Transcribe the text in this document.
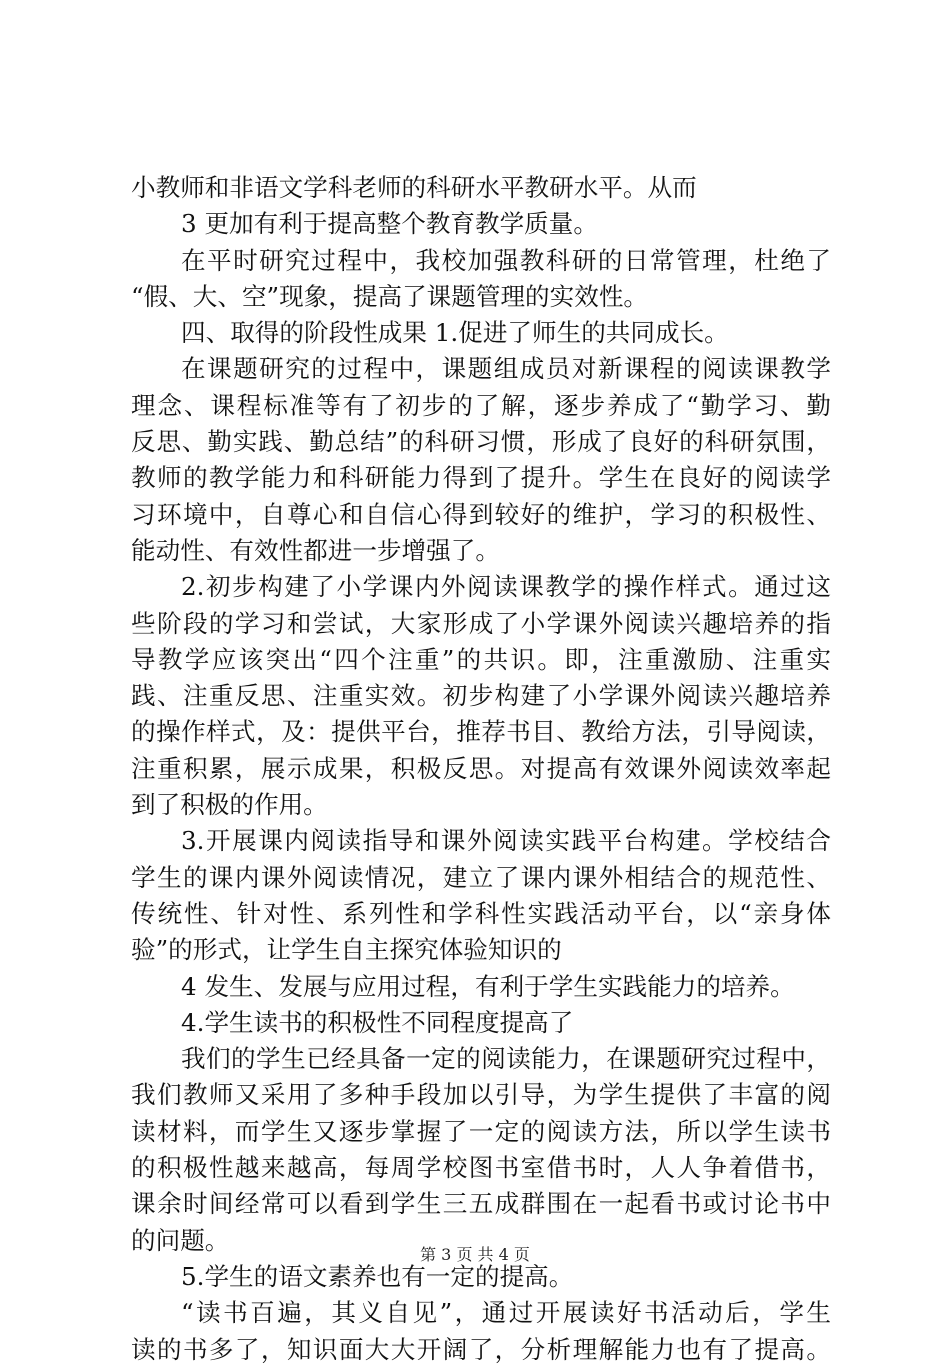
小教师和非语文学科老师的科研水平教研水平。从而
3 更加有利于提高整个教育教学质量。
在平时研究过程中，我校加强教科研的日常管理，杜绝了
“假、大、空”现象，提高了课题管理的实效性。
四、取得的阶段性成果 1.促进了师生的共同成长。
在课题研究的过程中，课题组成员对新课程的阅读课教学
理念、课程标准等有了初步的了解，逐步养成了“勤学习、勤
反思、勤实践、勤总结”的科研习惯，形成了良好的科研氛围，
教师的教学能力和科研能力得到了提升。学生在良好的阅读学
习环境中，自尊心和自信心得到较好的维护，学习的积极性、
能动性、有效性都进一步增强了。
2.初步构建了小学课内外阅读课教学的操作样式。通过这
些阶段的学习和尝试，大家形成了小学课外阅读兴趣培养的指
导教学应该突出“四个注重”的共识。即，注重激励、注重实
践、注重反思、注重实效。初步构建了小学课外阅读兴趣培养
的操作样式，及：提供平台，推荐书目、教给方法，引导阅读，
注重积累，展示成果，积极反思。对提高有效课外阅读效率起
到了积极的作用。
3.开展课内阅读指导和课外阅读实践平台构建。学校结合
学生的课内课外阅读情况，建立了课内课外相结合的规范性、
传统性、针对性、系列性和学科性实践活动平台，以“亲身体
验”的形式，让学生自主探究体验知识的
4 发生、发展与应用过程，有利于学生实践能力的培养。
4.学生读书的积极性不同程度提高了
我们的学生已经具备一定的阅读能力，在课题研究过程中，
我们教师又采用了多种手段加以引导，为学生提供了丰富的阅
读材料，而学生又逐步掌握了一定的阅读方法，所以学生读书
的积极性越来越高，每周学校图书室借书时，人人争着借书，
课余时间经常可以看到学生三五成群围在一起看书或讨论书中
的问题。
5.学生的语文素养也有一定的提高。
“读书百遍，其义自见”，通过开展读好书活动后，学生
读的书多了，知识面大大开阔了，分析理解能力也有了提高。
第 3 页 共 4 页
